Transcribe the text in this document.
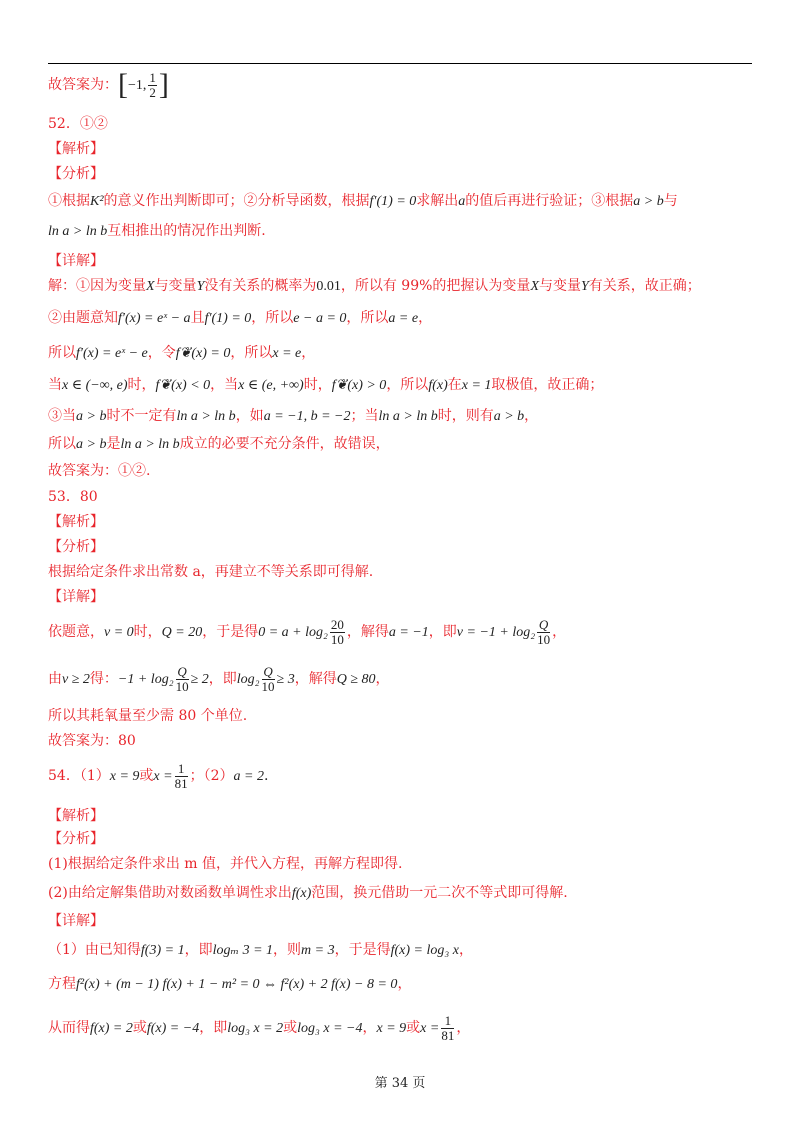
故答案为：[−1, $\frac{1}{2}$ ]
52．①②
【解析】
【分析】
①根据K²的意义作出判断即可；②分析导函数，根据f′(1) = 0求解出a的值后再进行验证；③根据a > b与
ln a > ln b互相推出的情况作出判断.
【详解】
解：①因为变量X与变量Y没有关系的概率为0.01，所以有 99%的把握认为变量X与变量Y有关系，故正确；
②由题意知f′(x) = eˣ − a且f′(1) = 0，所以e − a = 0，所以a = e，
所以f′(x) = eˣ − e，令f❦(x) = 0，所以x = e，
当x ∈ (−∞, e)时，f❦(x) < 0，当x ∈ (e, +∞)时，f❦(x) > 0，所以f(x)在x = 1取极值，故正确；
③当a > b时不一定有ln a > ln b，如a = −1, b = −2；当ln a > ln b时，则有a > b，
所以a > b是ln a > ln b成立的必要不充分条件，故错误，
故答案为：①②.
53．80
【解析】
【分析】
根据给定条件求出常数 a，再建立不等关系即可得解.
【详解】
依题意，v = 0时，Q = 20，于是得$0 = a + \log_2 \frac{20}{10}$ ，解得a = −1，即$v = -1 + \log_2 \frac{Q}{10}$ ，
由v ≥ 2得：$-1 + \log_2 \frac{Q}{10} \ge 2$，即$\log_2 \frac{Q}{10} \ge 3$，解得Q ≥ 80，
所以其耗氧量至少需 80 个单位.
故答案为：80
54．（1）x = 9或$x = \frac{1}{81}$ ；（2）a = 2.
【解析】
【分析】
(1)根据给定条件求出 m 值，并代入方程，再解方程即得.
(2)由给定解集借助对数函数单调性求出f(x)范围，换元借助一元二次不等式即可得解.
【详解】
（1）由已知得f(3) = 1，即logₘ 3 = 1，则m = 3，于是得f(x) = log₃ x，
方程f²(x) + (m − 1) f(x) + 1 − m² = 0 ⇔ f²(x) + 2 f(x) − 8 = 0，
从而得f(x) = 2或f(x) = −4，即log₃ x = 2或log₃ x = −4，x = 9或$x = \frac{1}{81}$ ，
第 34 页
